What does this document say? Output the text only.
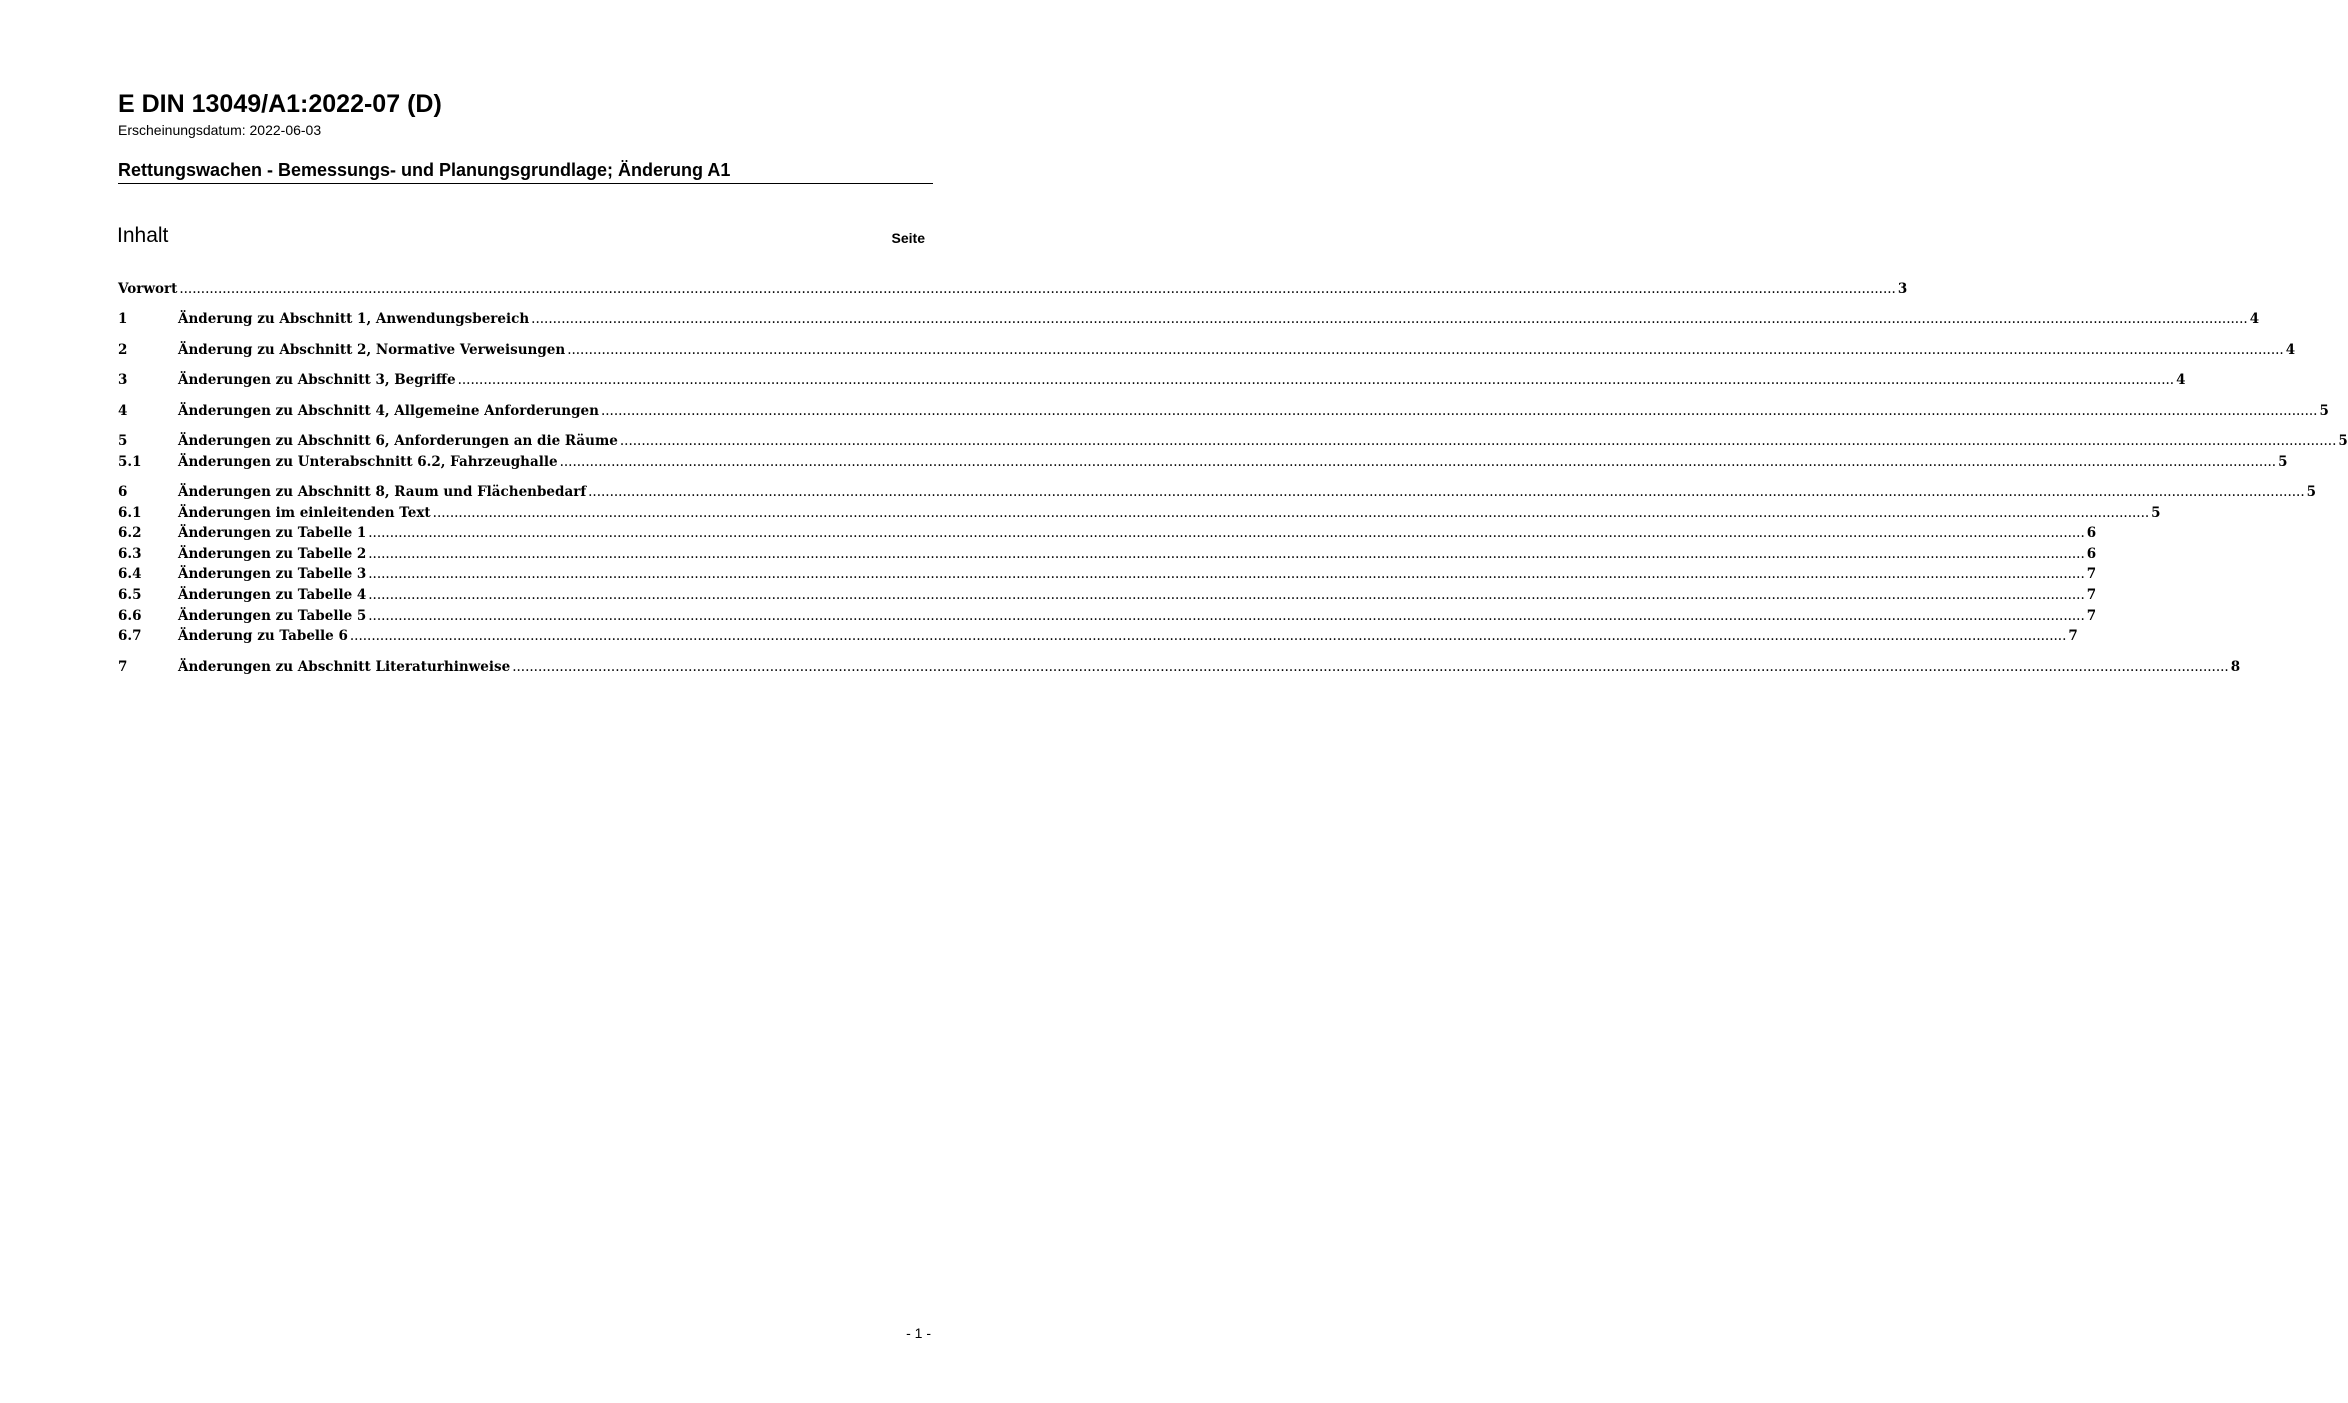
E DIN 13049/A1:2022-07 (D)
Erscheinungsdatum: 2022-06-03
Rettungswachen - Bemessungs- und Planungsgrundlage; Änderung A1
Inhalt	Seite
Vorwort ................................................................................................................................................................................................................................................................................................................................................................................................................ 3
1	Änderung zu Abschnitt 1, Anwendungsbereich ................................................................................................................................................................................................................................................................................................................................................................................................................ 4
2	Änderung zu Abschnitt 2, Normative Verweisungen ................................................................................................................................................................................................................................................................................................................................................................................................................ 4
3	Änderungen zu Abschnitt 3, Begriffe ................................................................................................................................................................................................................................................................................................................................................................................................................ 4
4	Änderungen zu Abschnitt 4, Allgemeine Anforderungen ................................................................................................................................................................................................................................................................................................................................................................................................................ 5
5	Änderungen zu Abschnitt 6, Anforderungen an die Räume ................................................................................................................................................................................................................................................................................................................................................................................................................ 5
5.1	Änderungen zu Unterabschnitt 6.2, Fahrzeughalle ................................................................................................................................................................................................................................................................................................................................................................................................................ 5
6	Änderungen zu Abschnitt 8, Raum und Flächenbedarf ................................................................................................................................................................................................................................................................................................................................................................................................................ 5
6.1	Änderungen im einleitenden Text ................................................................................................................................................................................................................................................................................................................................................................................................................ 5
6.2	Änderungen zu Tabelle 1 ................................................................................................................................................................................................................................................................................................................................................................................................................ 6
6.3	Änderungen zu Tabelle 2 ................................................................................................................................................................................................................................................................................................................................................................................................................ 6
6.4	Änderungen zu Tabelle 3 ................................................................................................................................................................................................................................................................................................................................................................................................................ 7
6.5	Änderungen zu Tabelle 4 ................................................................................................................................................................................................................................................................................................................................................................................................................ 7
6.6	Änderungen zu Tabelle 5 ................................................................................................................................................................................................................................................................................................................................................................................................................ 7
6.7	Änderung zu Tabelle 6 ................................................................................................................................................................................................................................................................................................................................................................................................................ 7
7	Änderungen zu Abschnitt Literaturhinweise ................................................................................................................................................................................................................................................................................................................................................................................................................ 8
- 1 -
